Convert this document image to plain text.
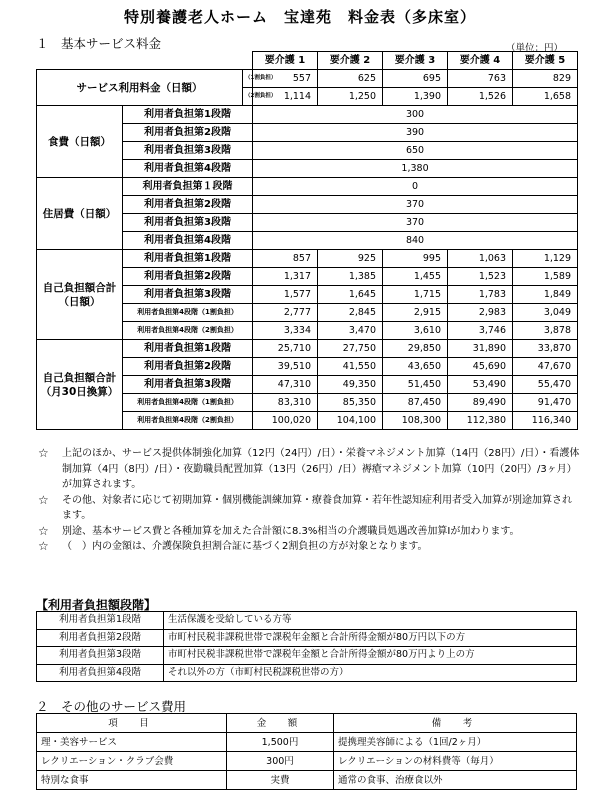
特別養護老人ホーム　宝達苑　料金表（多床室）
１　基本サービス料金	（単位：円）
			要介護 1	要介護 2	要介護 3	要介護 4	要介護 5
サービス利用料金（日額）		（1割負担）	557	625	695	763	829
		（2割負担）	1,114	1,250	1,390	1,526	1,658
食費（日額）	利用者負担第1段階		300				
	利用者負担第2段階		390				
	利用者負担第3段階		650				
	利用者負担第4段階		1,380				
住居費（日額）	利用者負担第１段階		0				
	利用者負担第2段階		370				
	利用者負担第3段階		370				
	利用者負担第4段階		840				
自己負担額合計（日額）	利用者負担第1段階		857	925	995	1,063	1,129
	利用者負担第2段階		1,317	1,385	1,455	1,523	1,589
	利用者負担第3段階		1,577	1,645	1,715	1,783	1,849
	利用者負担第4段階（1割負担）		2,777	2,845	2,915	2,983	3,049
	利用者負担第4段階（2割負担）		3,334	3,470	3,610	3,746	3,878
自己負担額合計（月30日換算）	利用者負担第1段階		25,710	27,750	29,850	31,890	33,870
	利用者負担第2段階		39,510	41,550	43,650	45,690	47,670
	利用者負担第3段階		47,310	49,350	51,450	53,490	55,470
	利用者負担第4段階（1割負担）		83,310	85,350	87,450	89,490	91,470
	利用者負担第4段階（2割負担）		100,020	104,100	108,300	112,380	116,340
☆ 上記のほか、サービス提供体制強化加算（12円（24円）/日）・栄養マネジメント加算（14円（28円）/日）・看護体制加算（4円（8円）/日）・夜勤職員配置加算（13円（26円）/日）褥瘡マネジメント加算（10円（20円）/3ヶ月）が加算されます。
☆ その他、対象者に応じて初期加算・個別機能訓練加算・療養食加算・若年性認知症利用者受入加算が別途加算されます。
☆ 別途、基本サービス費と各種加算を加えた合計額に8.3%相当の介護職員処遇改善加算Ⅰが加わります。
☆ （　）内の金額は、介護保険負担割合証に基づく2割負担の方が対象となります。
【利用者負担額段階】
利用者負担第1段階	生活保護を受給している方等
利用者負担第2段階	市町村民税非課税世帯で課税年金額と合計所得金額が80万円以下の方
利用者負担第3段階	市町村民税非課税世帯で課税年金額と合計所得金額が80万円より上の方
利用者負担第4段階	それ以外の方（市町村民税課税世帯の方）
２　その他のサービス費用
項　目	金　額	備　考
理・美容サービス	1,500円	提携理美容師による（1回/2ヶ月）
レクリエーション・クラブ会費	300円	レクリエーションの材料費等（毎月）
特別な食事	実費	通常の食事、治療食以外
